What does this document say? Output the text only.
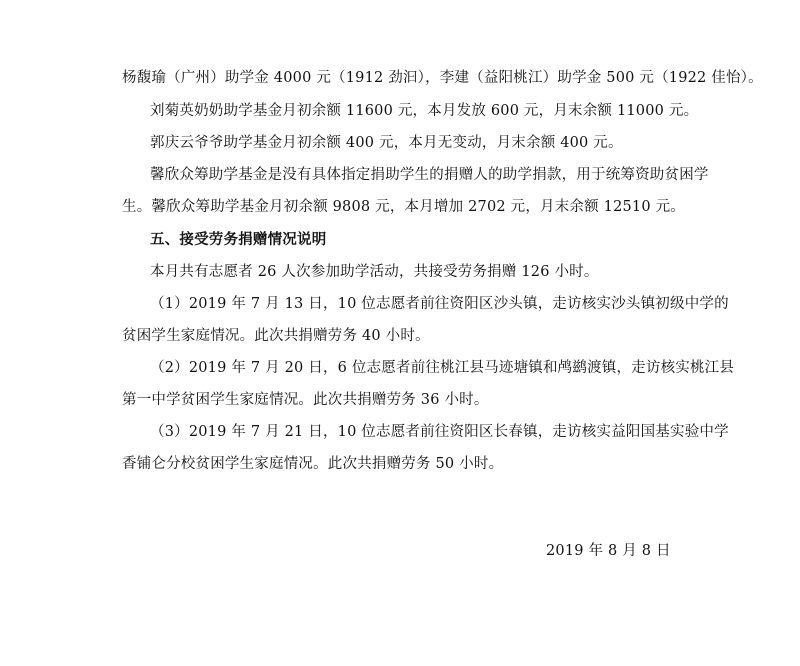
杨馥瑜（广州）助学金 4000 元（1912 劲汩），李建（益阳桃江）助学金 500 元（1922 佳怡）。
刘菊英奶奶助学基金月初余额 11600 元，本月发放 600 元，月末余额 11000 元。
郭庆云爷爷助学基金月初余额 400 元，本月无变动，月末余额 400 元。
馨欣众筹助学基金是没有具体指定捐助学生的捐赠人的助学捐款，用于统筹资助贫困学
生。馨欣众筹助学基金月初余额 9808 元，本月增加 2702 元，月末余额 12510 元。
五、接受劳务捐赠情况说明
本月共有志愿者 26 人次参加助学活动，共接受劳务捐赠 126 小时。
（1）2019 年 7 月 13 日，10 位志愿者前往资阳区沙头镇，走访核实沙头镇初级中学的
贫困学生家庭情况。此次共捐赠劳务 40 小时。
（2）2019 年 7 月 20 日，6 位志愿者前往桃江县马迹塘镇和鸬鹚渡镇，走访核实桃江县
第一中学贫困学生家庭情况。此次共捐赠劳务 36 小时。
（3）2019 年 7 月 21 日，10 位志愿者前往资阳区长春镇，走访核实益阳国基实验中学
香铺仑分校贫困学生家庭情况。此次共捐赠劳务 50 小时。
2019 年 8 月 8 日
